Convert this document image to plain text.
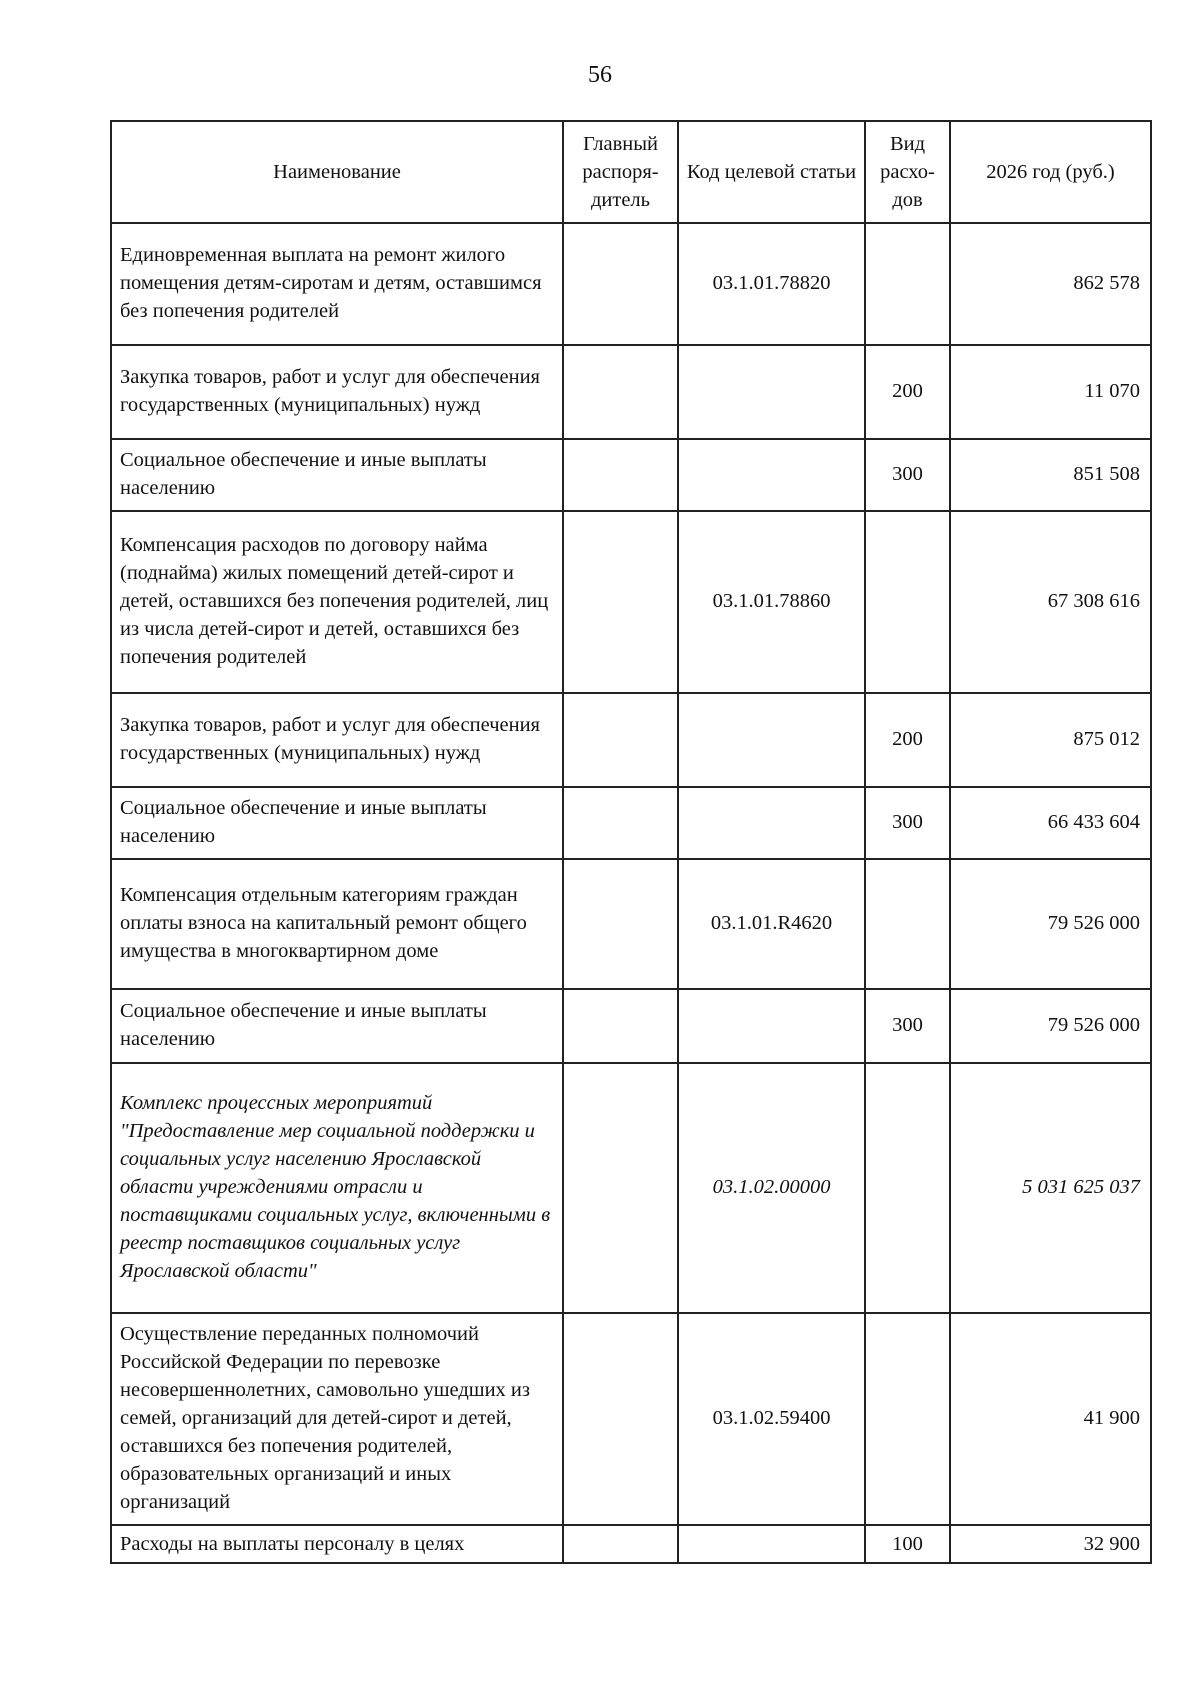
56
Наименование	Главный распоря-дитель	Код целевой статьи	Вид расхо-дов	2026 год (руб.)
Единовременная выплата на ремонт жилого помещения детям-сиротам и детям, оставшимся без попечения родителей		03.1.01.78820		862 578
Закупка товаров, работ и услуг для обеспечения государственных (муниципальных) нужд			200	11 070
Социальное обеспечение и иные выплаты населению			300	851 508
Компенсация расходов по договору найма (поднайма) жилых помещений детей-сирот и детей, оставшихся без попечения родителей, лиц из числа детей-сирот и детей, оставшихся без попечения родителей		03.1.01.78860		67 308 616
Закупка товаров, работ и услуг для обеспечения государственных (муниципальных) нужд			200	875 012
Социальное обеспечение и иные выплаты населению			300	66 433 604
Компенсация отдельным категориям граждан оплаты взноса на капитальный ремонт общего имущества в многоквартирном доме		03.1.01.R4620		79 526 000
Социальное обеспечение и иные выплаты населению			300	79 526 000
Комплекс процессных мероприятий "Предоставление мер социальной поддержки и социальных услуг населению Ярославской области учреждениями отрасли и поставщиками социальных услуг, включенными в реестр поставщиков социальных услуг Ярославской области"		03.1.02.00000		5 031 625 037
Осуществление переданных полномочий Российской Федерации по перевозке несовершеннолетних, самовольно ушедших из семей, организаций для детей-сирот и детей, оставшихся без попечения родителей, образовательных организаций и иных организаций		03.1.02.59400		41 900
Расходы на выплаты персоналу в целях			100	32 900
